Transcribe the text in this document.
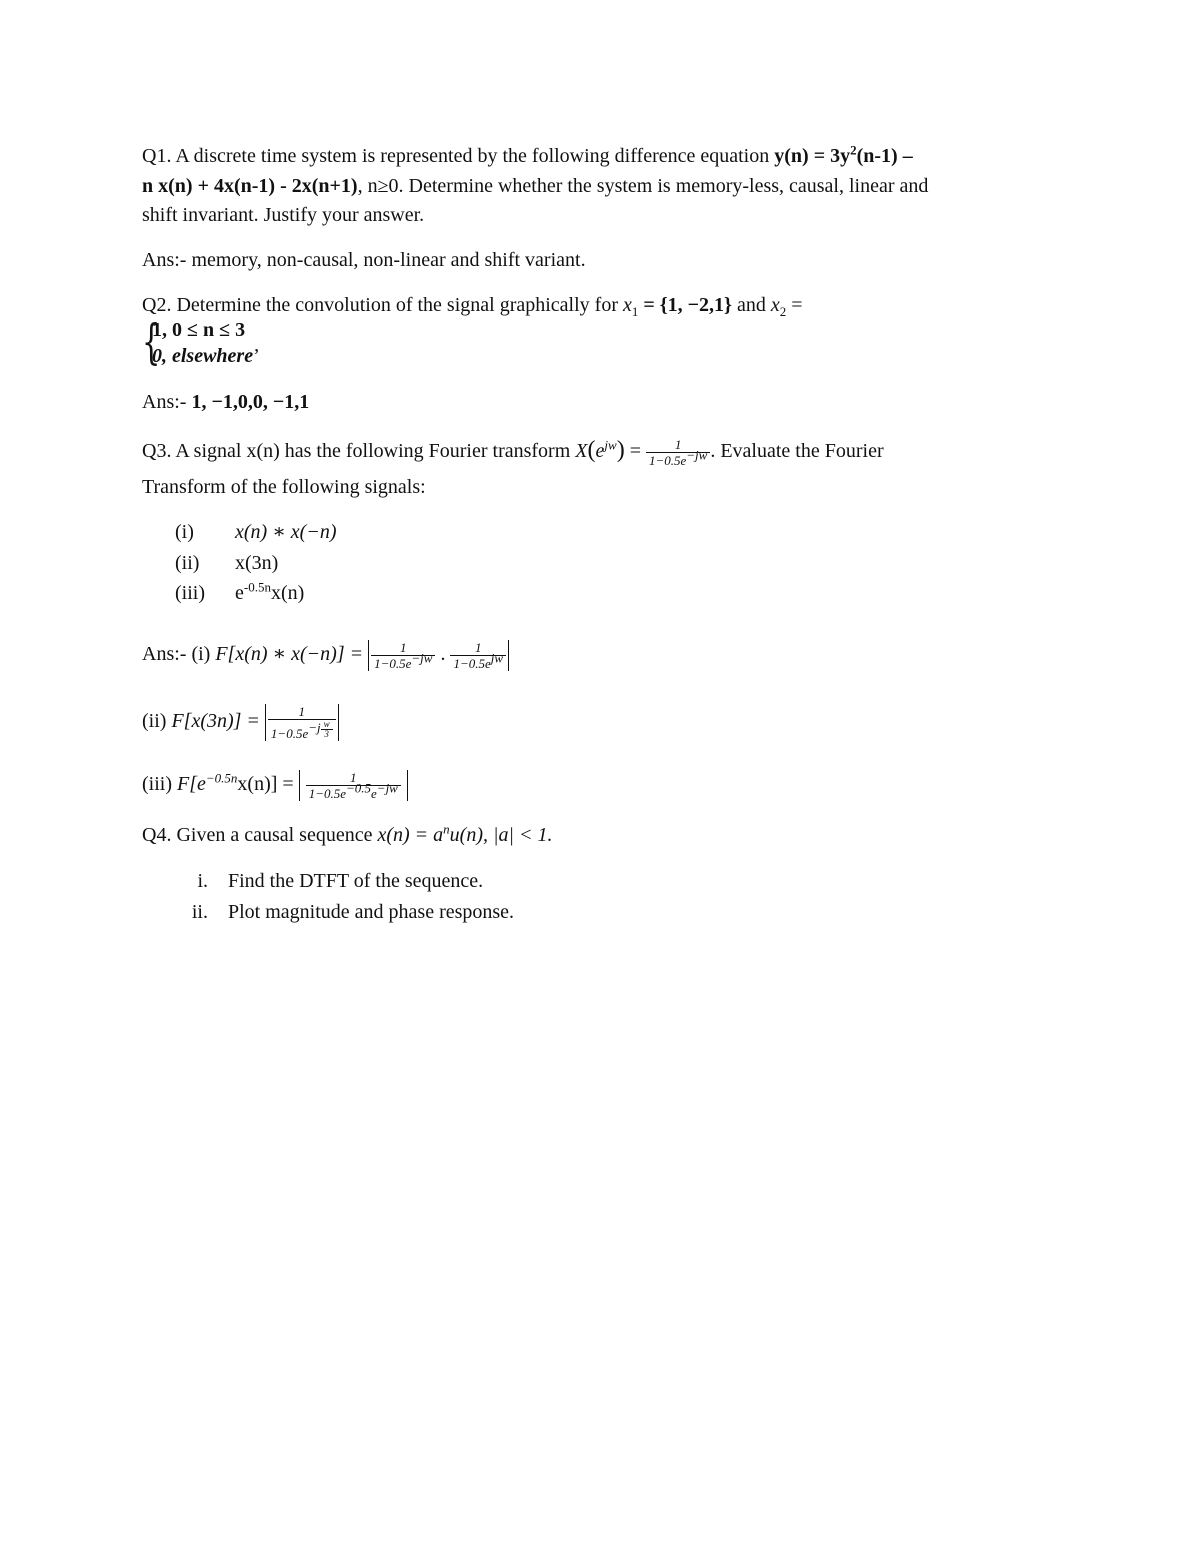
Q1. A discrete time system is represented by the following difference equation $y(n) = 3y^2(n-1)$ –
n x(n) + 4x(n-1) - 2x(n+1), n≥0. Determine whether the system is memory-less, causal, linear and
shift invariant. Justify your answer.
Ans:- memory, non-causal, non-linear and shift variant.
Q2. Determine the convolution of the signal graphically for $x_1 = \{1$, −2,1} and $x_2$ =
{
1, 0 ≤ n ≤ 3
0, elsewhere’
Ans:- 1, −1,0,0, −1,1
Q3. A signal x(n) has the following Fourier transform $X(e^{jw}) = \frac{1}{1-0.5e^{-jw}}$ . Evaluate the Fourier
Transform of the following signals:
(i) x(n) ∗ x(−n)
(ii) x(3n)
(iii) $e^{-0.5n}x(n)$
Ans:- (i) F[x(n) ∗ $x(-n)] = \frac{1}{1-0.5e^{-jw}}$ . $\frac{1}{1-0.5e^{jw}}$
(ii) F[x(3n)] = 1
$1-0.5e^{-j \frac{w}{3}}$
(iii) $F[e^{-0.5n}x(n)] = \frac{1}{1-0.5e^{-0.5}e^{-jw}}$
Q4. Given a causal sequence $x(n) = a^nu(n)$, |a| < 1.
i. Find the DTFT of the sequence.
ii. Plot magnitude and phase response.
